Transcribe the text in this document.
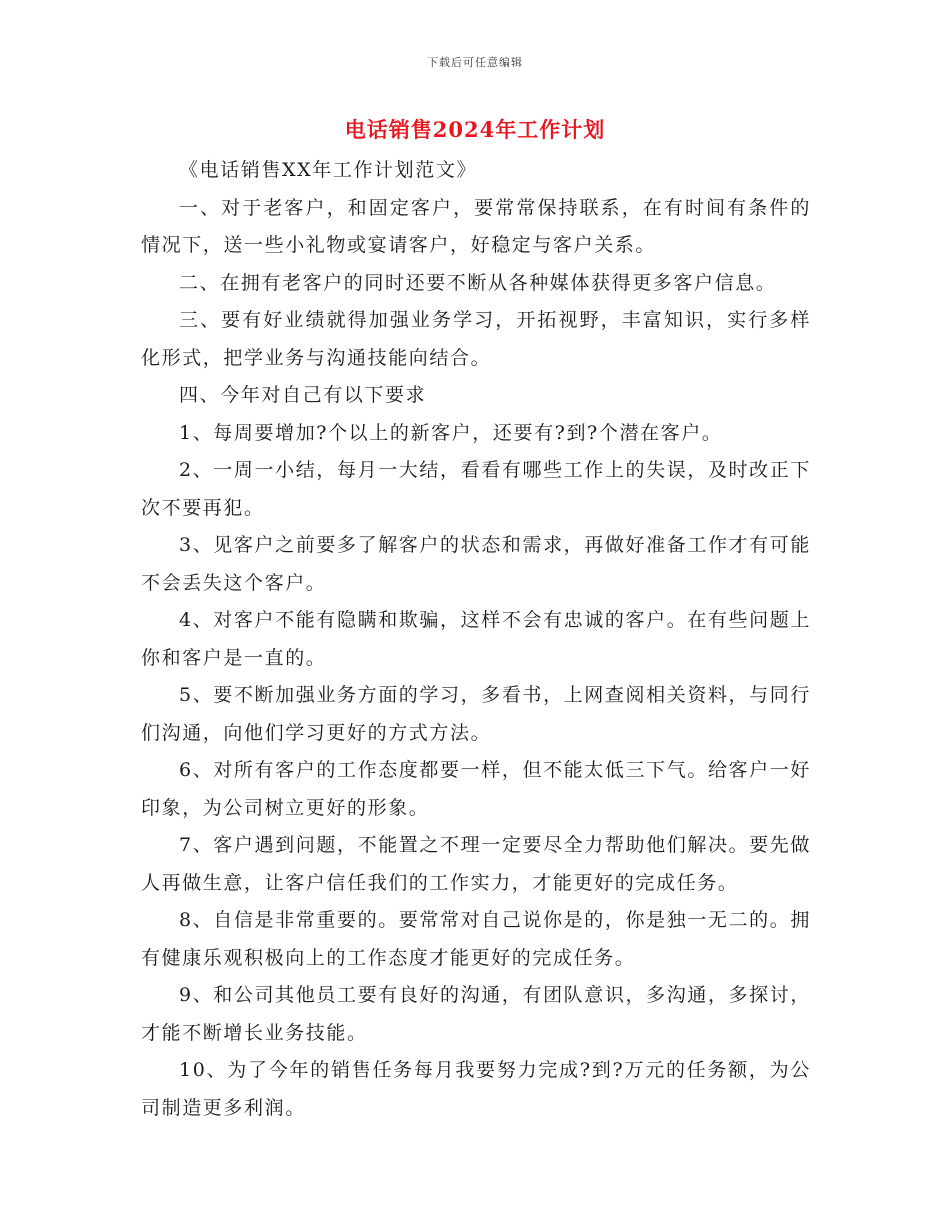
下载后可任意编辑
电话销售2024年工作计划

《电话销售XX年工作计划范文》

一、对于老客户，和固定客户，要常常保持联系，在有时间有条件的情况下，送一些小礼物或宴请客户，好稳定与客户关系。

二、在拥有老客户的同时还要不断从各种媒体获得更多客户信息。

三、要有好业绩就得加强业务学习，开拓视野，丰富知识，实行多样化形式，把学业务与沟通技能向结合。

四、今年对自己有以下要求

1、每周要增加?个以上的新客户，还要有?到?个潜在客户。

2、一周一小结，每月一大结，看看有哪些工作上的失误，及时改正下次不要再犯。

3、见客户之前要多了解客户的状态和需求，再做好准备工作才有可能不会丢失这个客户。

4、对客户不能有隐瞒和欺骗，这样不会有忠诚的客户。在有些问题上你和客户是一直的。

5、要不断加强业务方面的学习，多看书，上网查阅相关资料，与同行们沟通，向他们学习更好的方式方法。

6、对所有客户的工作态度都要一样，但不能太低三下气。给客户一好印象，为公司树立更好的形象。

7、客户遇到问题，不能置之不理一定要尽全力帮助他们解决。要先做人再做生意，让客户信任我们的工作实力，才能更好的完成任务。

8、自信是非常重要的。要常常对自己说你是的，你是独一无二的。拥有健康乐观积极向上的工作态度才能更好的完成任务。

9、和公司其他员工要有良好的沟通，有团队意识，多沟通，多探讨，才能不断增长业务技能。

10、为了今年的销售任务每月我要努力完成?到?万元的任务额，为公司制造更多利润。
